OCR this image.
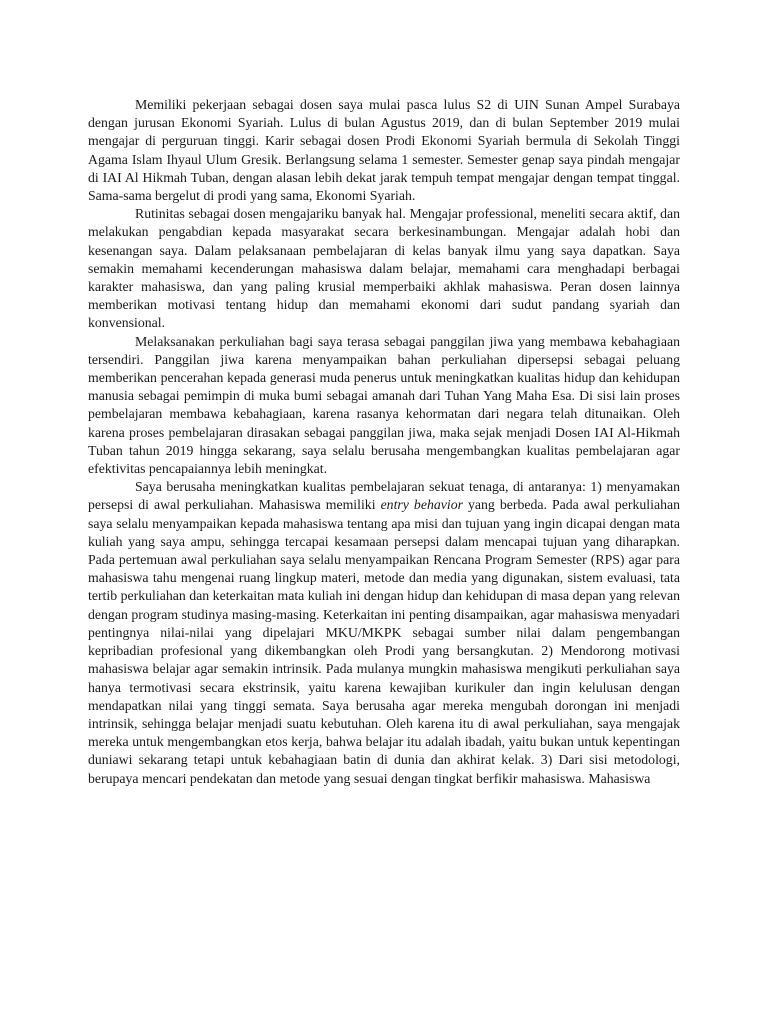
Memiliki pekerjaan sebagai dosen saya mulai pasca lulus S2 di UIN Sunan Ampel Surabaya dengan jurusan Ekonomi Syariah. Lulus di bulan Agustus 2019, dan di bulan September 2019 mulai mengajar di perguruan tinggi. Karir sebagai dosen Prodi Ekonomi Syariah bermula di Sekolah Tinggi Agama Islam Ihyaul Ulum Gresik. Berlangsung selama 1 semester. Semester genap saya pindah mengajar di IAI Al Hikmah Tuban, dengan alasan lebih dekat jarak tempuh tempat mengajar dengan tempat tinggal. Sama-sama bergelut di prodi yang sama, Ekonomi Syariah.

Rutinitas sebagai dosen mengajariku banyak hal. Mengajar professional, meneliti secara aktif, dan melakukan pengabdian kepada masyarakat secara berkesinambungan. Mengajar adalah hobi dan kesenangan saya. Dalam pelaksanaan pembelajaran di kelas banyak ilmu yang saya dapatkan. Saya semakin memahami kecenderungan mahasiswa dalam belajar, memahami cara menghadapi berbagai karakter mahasiswa, dan yang paling krusial memperbaiki akhlak mahasiswa. Peran dosen lainnya memberikan motivasi tentang hidup dan memahami ekonomi dari sudut pandang syariah dan konvensional.

Melaksanakan perkuliahan bagi saya terasa sebagai panggilan jiwa yang membawa kebahagiaan tersendiri. Panggilan jiwa karena menyampaikan bahan perkuliahan dipersepsi sebagai peluang memberikan pencerahan kepada generasi muda penerus untuk meningkatkan kualitas hidup dan kehidupan manusia sebagai pemimpin di muka bumi sebagai amanah dari Tuhan Yang Maha Esa. Di sisi lain proses pembelajaran membawa kebahagiaan, karena rasanya kehormatan dari negara telah ditunaikan. Oleh karena proses pembelajaran dirasakan sebagai panggilan jiwa, maka sejak menjadi Dosen IAI Al-Hikmah Tuban tahun 2019 hingga sekarang, saya selalu berusaha mengembangkan kualitas pembelajaran agar efektivitas pencapaiannya lebih meningkat.

Saya berusaha meningkatkan kualitas pembelajaran sekuat tenaga, di antaranya: 1) menyamakan persepsi di awal perkuliahan. Mahasiswa memiliki entry behavior yang berbeda. Pada awal perkuliahan saya selalu menyampaikan kepada mahasiswa tentang apa misi dan tujuan yang ingin dicapai dengan mata kuliah yang saya ampu, sehingga tercapai kesamaan persepsi dalam mencapai tujuan yang diharapkan. Pada pertemuan awal perkuliahan saya selalu menyampaikan Rencana Program Semester (RPS) agar para mahasiswa tahu mengenai ruang lingkup materi, metode dan media yang digunakan, sistem evaluasi, tata tertib perkuliahan dan keterkaitan mata kuliah ini dengan hidup dan kehidupan di masa depan yang relevan dengan program studinya masing-masing. Keterkaitan ini penting disampaikan, agar mahasiswa menyadari pentingnya nilai-nilai yang dipelajari MKU/MKPK sebagai sumber nilai dalam pengembangan kepribadian profesional yang dikembangkan oleh Prodi yang bersangkutan. 2) Mendorong motivasi mahasiswa belajar agar semakin intrinsik. Pada mulanya mungkin mahasiswa mengikuti perkuliahan saya hanya termotivasi secara ekstrinsik, yaitu karena kewajiban kurikuler dan ingin kelulusan dengan mendapatkan nilai yang tinggi semata. Saya berusaha agar mereka mengubah dorongan ini menjadi intrinsik, sehingga belajar menjadi suatu kebutuhan. Oleh karena itu di awal perkuliahan, saya mengajak mereka untuk mengembangkan etos kerja, bahwa belajar itu adalah ibadah, yaitu bukan untuk kepentingan duniawi sekarang tetapi untuk kebahagiaan batin di dunia dan akhirat kelak. 3) Dari sisi metodologi, berupaya mencari pendekatan dan metode yang sesuai dengan tingkat berfikir mahasiswa. Mahasiswa
